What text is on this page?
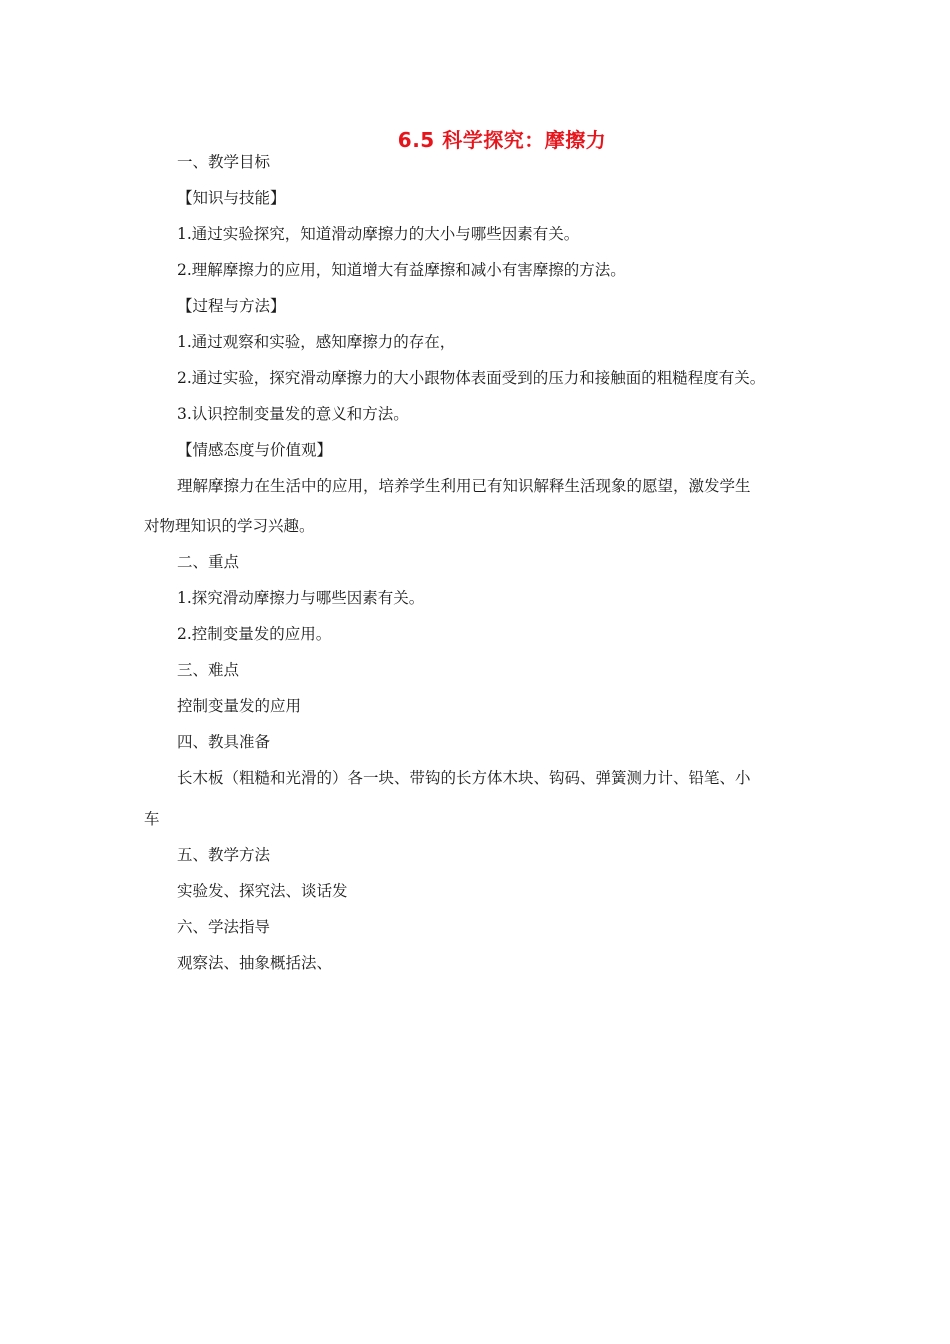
6.5 科学探究：摩擦力
一、教学目标
【知识与技能】
1.通过实验探究，知道滑动摩擦力的大小与哪些因素有关。
2.理解摩擦力的应用，知道增大有益摩擦和减小有害摩擦的方法。
【过程与方法】
1.通过观察和实验，感知摩擦力的存在，
2.通过实验，探究滑动摩擦力的大小跟物体表面受到的压力和接触面的粗糙程度有关。
3.认识控制变量发的意义和方法。
【情感态度与价值观】
理解摩擦力在生活中的应用，培养学生利用已有知识解释生活现象的愿望，激发学生
对物理知识的学习兴趣。
二、重点
1.探究滑动摩擦力与哪些因素有关。
2.控制变量发的应用。
三、难点
控制变量发的应用
四、教具准备
长木板（粗糙和光滑的）各一块、带钩的长方体木块、钩码、弹簧测力计、铅笔、小
车
五、教学方法
实验发、探究法、谈话发
六、学法指导
观察法、抽象概括法、
